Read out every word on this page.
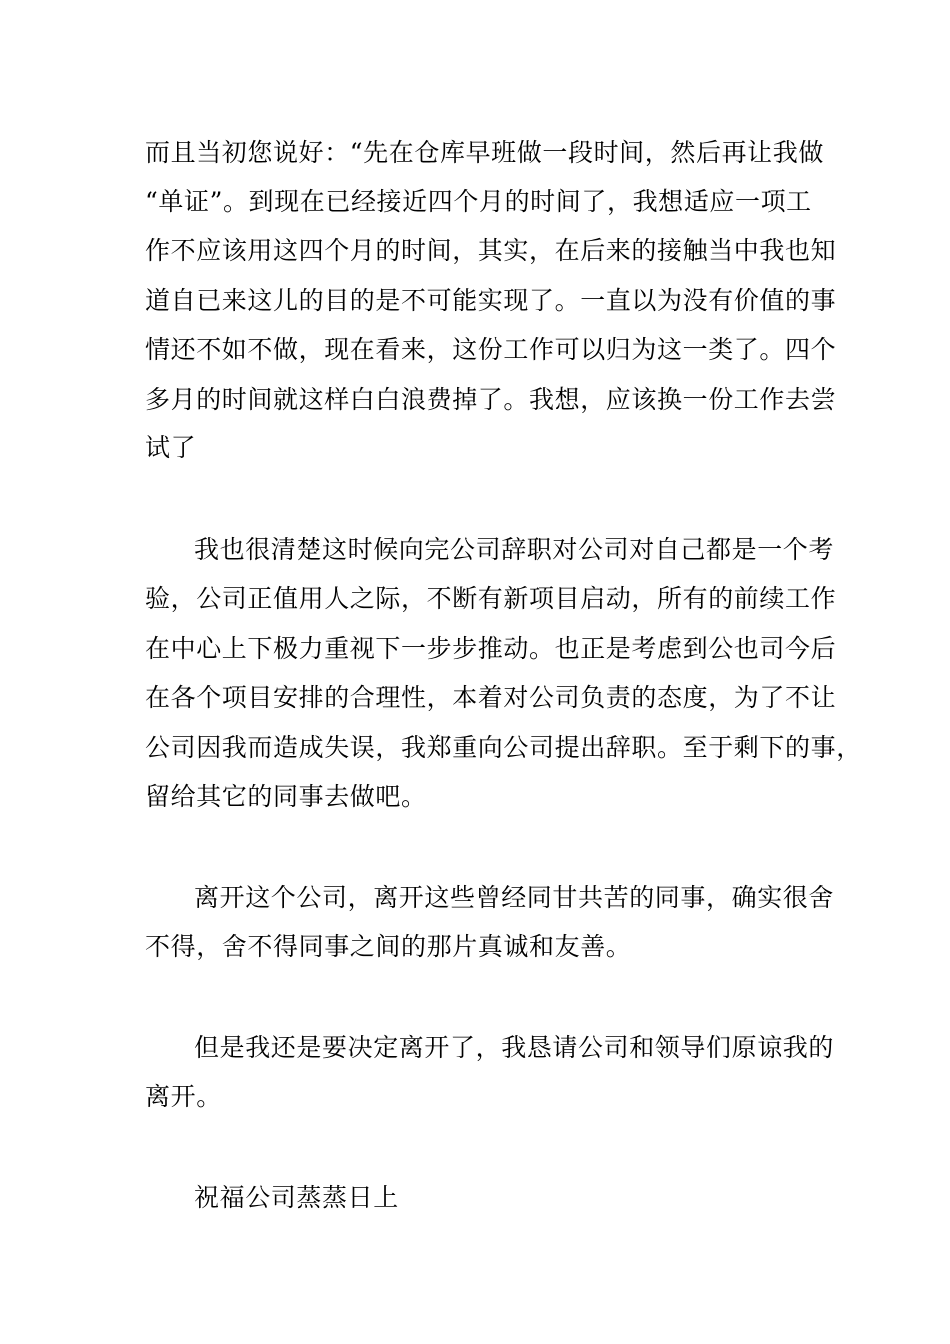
而且当初您说好：“先在仓库早班做一段时间，然后再让我做
“单证”。到现在已经接近四个月的时间了，我想适应一项工
作不应该用这四个月的时间，其实，在后来的接触当中我也知
道自已来这儿的目的是不可能实现了。一直以为没有价值的事
情还不如不做，现在看来，这份工作可以归为这一类了。四个
多月的时间就这样白白浪费掉了。我想，应该换一份工作去尝
试了
我也很清楚这时候向完公司辞职对公司对自己都是一个考
验，公司正值用人之际，不断有新项目启动，所有的前续工作
在中心上下极力重视下一步步推动。也正是考虑到公也司今后
在各个项目安排的合理性，本着对公司负责的态度，为了不让
公司因我而造成失误，我郑重向公司提出辞职。至于剩下的事，
留给其它的同事去做吧。
离开这个公司，离开这些曾经同甘共苦的同事，确实很舍
不得，舍不得同事之间的那片真诚和友善。
但是我还是要决定离开了，我恳请公司和领导们原谅我的
离开。
祝福公司蒸蒸日上
